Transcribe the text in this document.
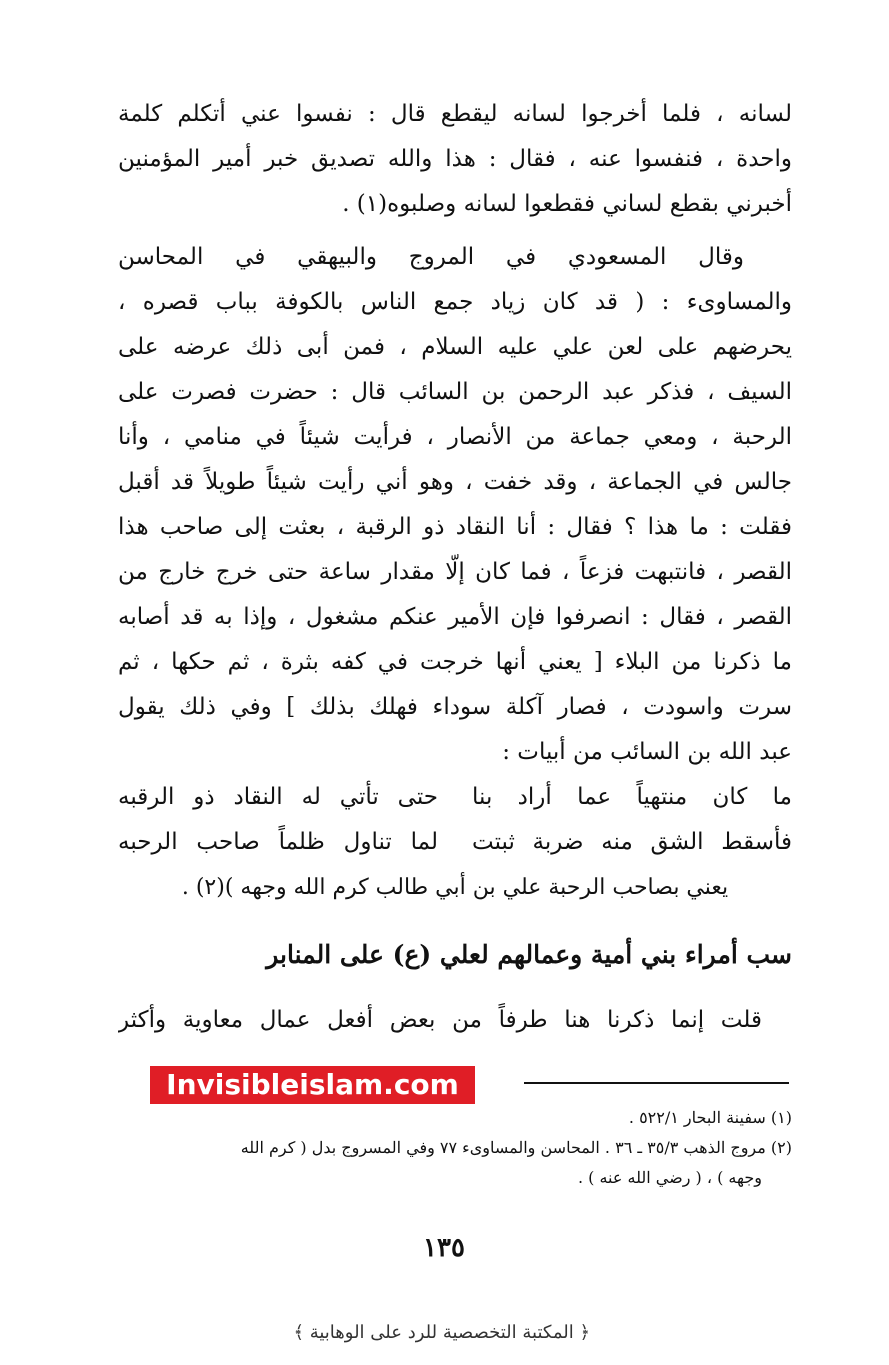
لسانه ، فلما أخرجوا لسانه ليقطع قال : نفسوا عني أتكلم كلمة
واحدة ، فنفسوا عنه ، فقال : هذا والله تصديق خبر أمير المؤمنين
أخبرني بقطع لساني فقطعوا لسانه وصلبوه(١) .
وقال المسعودي في المروج والبيهقي في المحاسن
والمساوىء : ( قد كان زياد جمع الناس بالكوفة بباب قصره ،
يحرضهم على لعن علي عليه السلام ، فمن أبى ذلك عرضه على
السيف ، فذكر عبد الرحمن بن السائب قال : حضرت فصرت على
الرحبة ، ومعي جماعة من الأنصار ، فرأيت شيئاً في منامي ، وأنا
جالس في الجماعة ، وقد خفت ، وهو أني رأيت شيئاً طويلاً قد أقبل
فقلت : ما هذا ؟ فقال : أنا النقاد ذو الرقبة ، بعثت إلى صاحب هذا
القصر ، فانتبهت فزعاً ، فما كان إلّا مقدار ساعة حتى خرج خارج من
القصر ، فقال : انصرفوا فإن الأمير عنكم مشغول ، وإذا به قد أصابه
ما ذكرنا من البلاء [ يعني أنها خرجت في كفه بثرة ، ثم حكها ، ثم
سرت واسودت ، فصار آكلة سوداء فهلك بذلك ] وفي ذلك يقول
عبد الله بن السائب من أبيات :
ما كان منتهياً عما أراد بنا
حتى تأتي له النقاد ذو الرقبه
فأسقط الشق منه ضربة ثبتت
لما تناول ظلماً صاحب الرحبه
يعني بصاحب الرحبة علي بن أبي طالب كرم الله وجهه )(٢) .
سب أمراء بني أمية وعمالهم لعلي (ع) على المنابر
قلت إنما ذكرنا هنا طرفاً من بعض أفعل عمال معاوية وأكثر
Invisibleislam.com
(١) سفينة البحار ٥٢٢/١ .
(٢) مروج الذهب ٣٥/٣ ـ ٣٦ . المحاسن والمساوىء ٧٧ وفي المسروج بدل ( كرم الله
وجهه ) ، ( رضي الله عنه ) .
١٣٥
﴿ المكتبة التخصصية للرد على الوهابية ﴾
